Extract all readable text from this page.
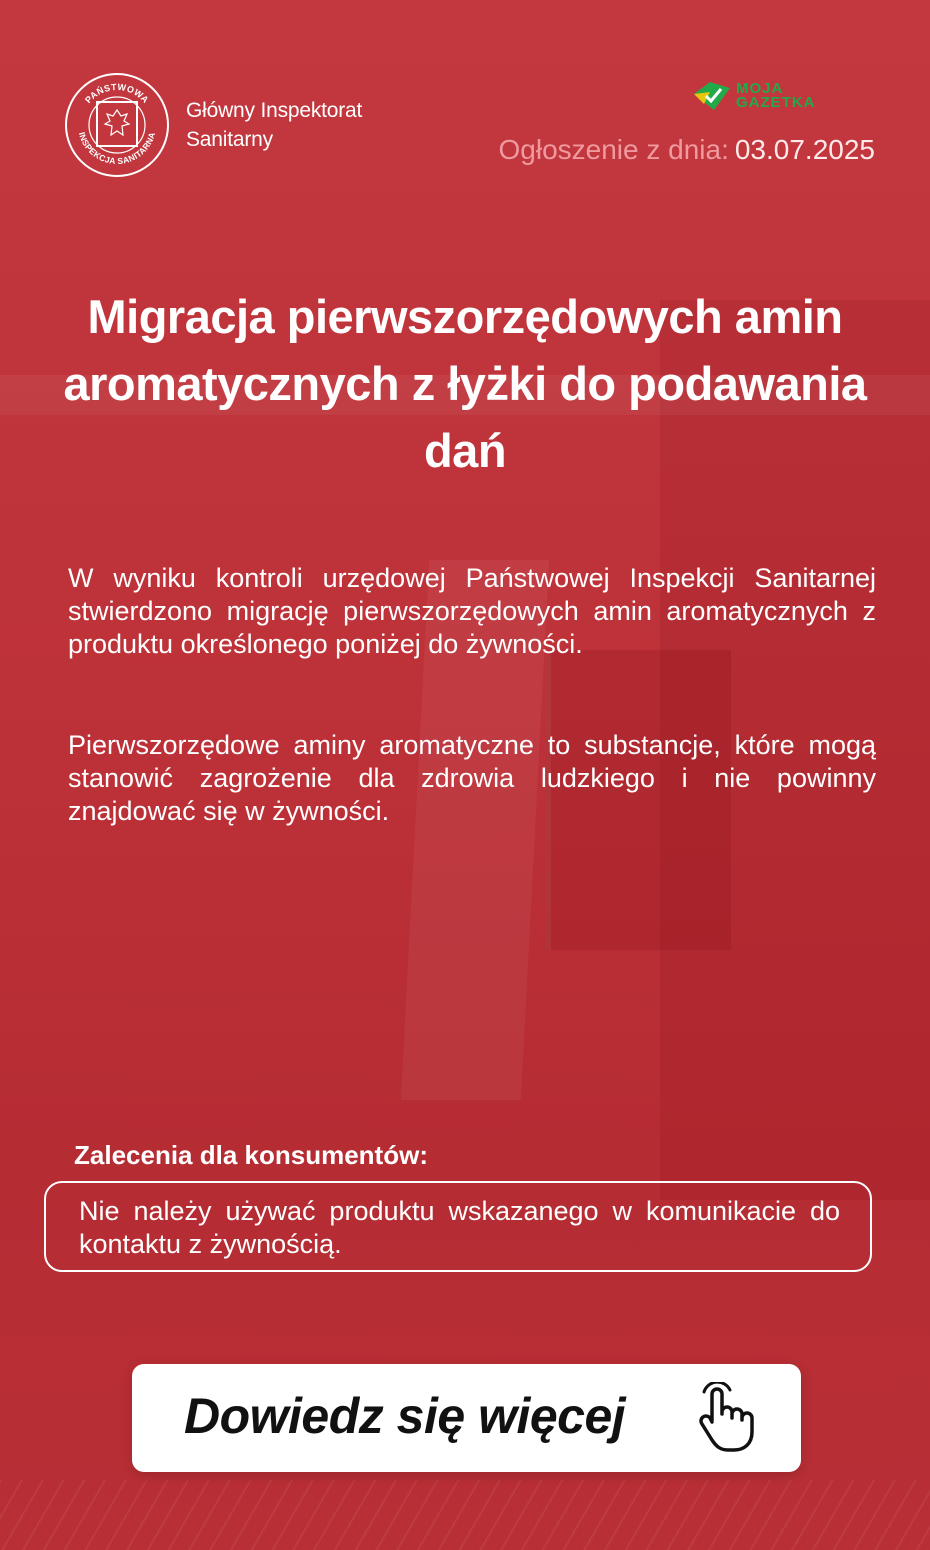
PAŃSTWOWA
INSPEKCJA SANITARNA
Główny Inspektorat
Sanitarny
MOJA
GAZETKA
Ogłoszenie z dnia: 03.07.2025
Migracja pierwszorzędowych amin aromatycznych z łyżki do podawania dań

W wyniku kontroli urzędowej Państwowej Inspekcji Sanitarnej stwierdzono migrację pierwszorzędowych amin aromatycznych z produktu określonego poniżej do żywności.

Pierwszorzędowe aminy aromatyczne to substancje, które mogą stanowić zagrożenie dla zdrowia ludzkiego i nie powinny znajdować się w żywności.

Zalecenia dla konsumentów:
Nie należy używać produktu wskazanego w komunikacie do kontaktu z żywnością.
Dowiedz się więcej
